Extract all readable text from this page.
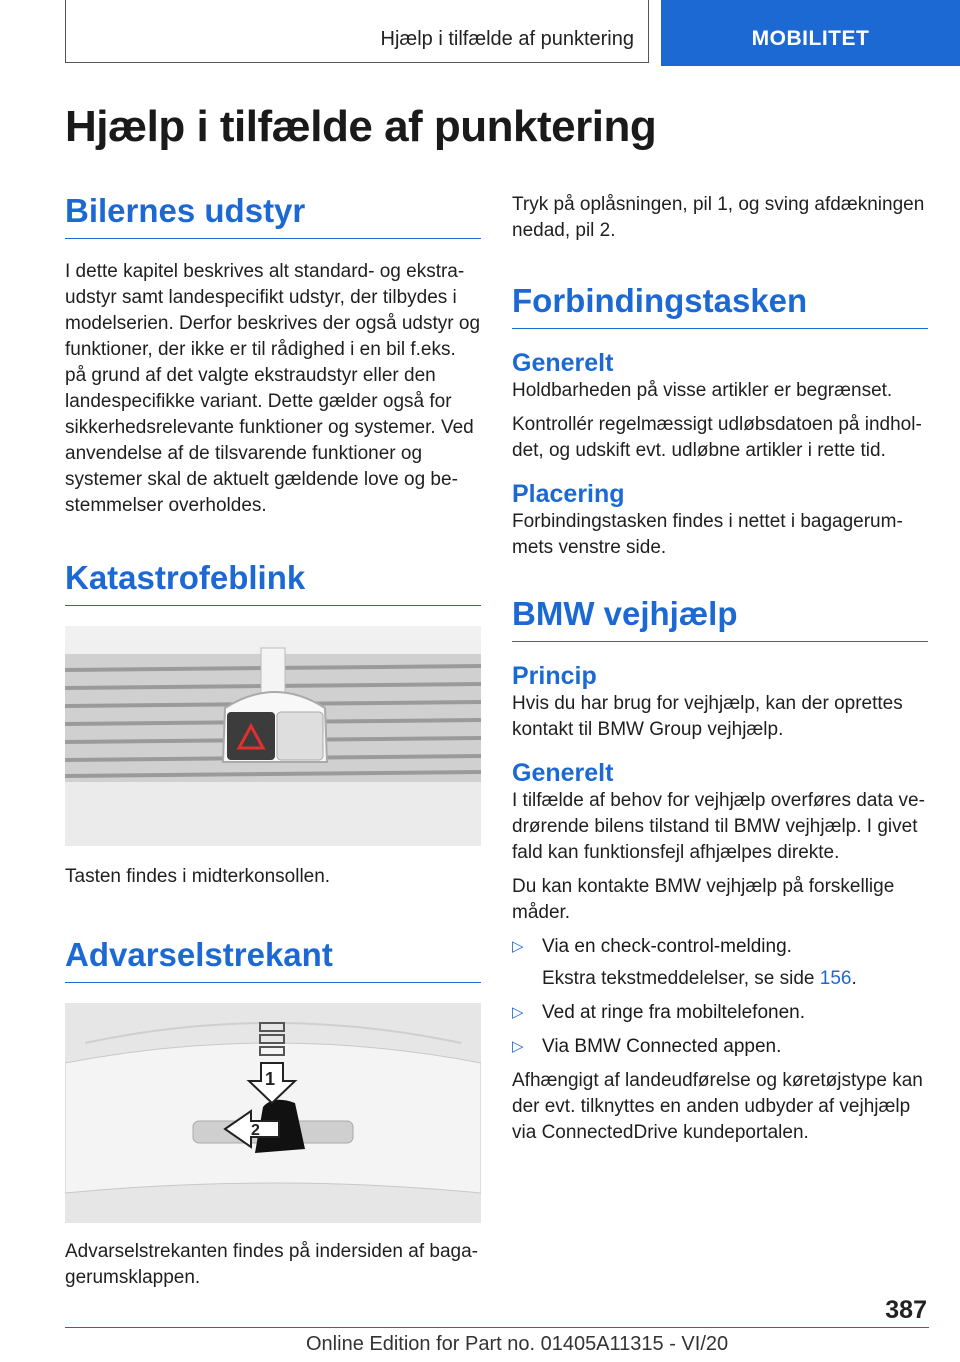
Hjælp i tilfælde af punktering	MOBILITET
Hjælp i tilfælde af punktering
Bilernes udstyr

I dette kapitel beskrives alt standard- og ekstraudstyr samt landespecifikt udstyr, der tilbydes i modelserien. Derfor beskrives der også udstyr og funktioner, der ikke er til rådighed i en bil f.eks. på grund af det valgte ekstraudstyr eller den landespecifikke variant. Dette gælder også for sikkerhedsrelevante funktioner og systemer. Ved anvendelse af de tilsvarende funktioner og systemer skal de aktuelt gældende love og bestemmelser overholdes.

Katastrofeblink

Tasten findes i midterkonsollen.

Advarselstrekant
1
2

Advarselstrekanten findes på indersiden af bagagerumsklappen.

Tryk på oplåsningen, pil 1, og sving afdækningen nedad, pil 2.

Forbindingstasken
Generelt

Holdbarheden på visse artikler er begrænset.

Kontrollér regelmæssigt udløbsdatoen på indholdet, og udskift evt. udløbne artikler i rette tid.

Placering

Forbindingstasken findes i nettet i bagagerummets venstre side.

BMW vejhjælp
Princip

Hvis du har brug for vejhjælp, kan der oprettes kontakt til BMW Group vejhjælp.

Generelt

I tilfælde af behov for vejhjælp overføres data vedrørende bilens tilstand til BMW vejhjælp. I givet fald kan funktionsfejl afhjælpes direkte.

Du kan kontakte BMW vejhjælp på forskellige måder.

▷ Via en check-control-melding.

Ekstra tekstmeddelelser, se side 156.

▷ Ved at ringe fra mobiltelefonen.
▷ Via BMW Connected appen.

Afhængigt af landeudførelse og køretøjstype kan der evt. tilknyttes en anden udbyder af vejhjælp via ConnectedDrive kundeportalen.

387
Online Edition for Part no. 01405A11315 - VI/20
